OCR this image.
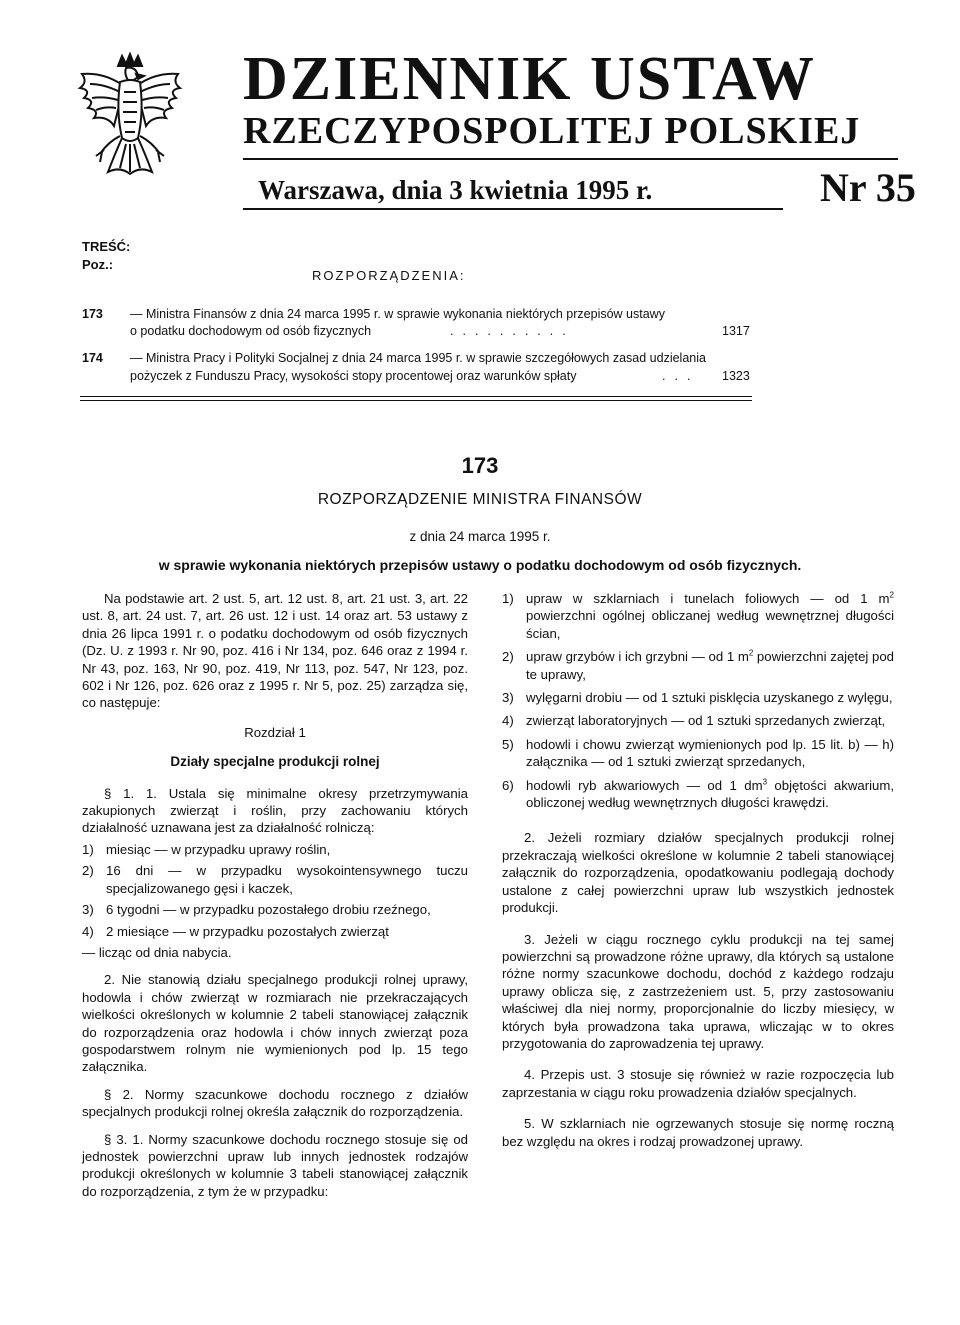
DZIENNIK USTAW
RZECZYPOSPOLITEJ POLSKIEJ
Warszawa, dnia 3 kwietnia 1995 r.	Nr 35
TREŚĆ:
Poz.:
ROZPORZĄDZENIA:
173 — Ministra Finansów z dnia 24 marca 1995 r. w sprawie wykonania niektórych przepisów ustawy
o podatku dochodowym od osób fizycznych	..........	1317
174 — Ministra Pracy i Polityki Socjalnej z dnia 24 marca 1995 r. w sprawie szczegółowych zasad udzielania
pożyczek z Funduszu Pracy, wysokości stopy procentowej oraz warunków spłaty	... 1323
173
ROZPORZĄDZENIE MINISTRA FINANSÓW
z dnia 24 marca 1995 r.
w sprawie wykonania niektórych przepisów ustawy o podatku dochodowym od osób fizycznych.

Na podstawie art. 2 ust. 5, art. 12 ust. 8, art. 21 ust. 3, art. 22 ust. 8, art. 24 ust. 7, art. 26 ust. 12 i ust. 14 oraz art. 53 ustawy z dnia 26 lipca 1991 r. o podatku dochodowym od osób fizycznych (Dz. U. z 1993 r. Nr 90, poz. 416 i Nr 134, poz. 646 oraz z 1994 r. Nr 43, poz. 163, Nr 90, poz. 419, Nr 113, poz. 547, Nr 123, poz. 602 i Nr 126, poz. 626 oraz z 1995 r. Nr 5, poz. 25) zarządza się, co następuje:

Rozdział 1

Działy specjalne produkcji rolnej

§ 1. 1. Ustala się minimalne okresy przetrzymywania zakupionych zwierząt i roślin, przy zachowaniu których działalność uznawana jest za działalność rolniczą:

1) miesiąc — w przypadku uprawy roślin,
2) 16 dni — w przypadku wysokointensywnego tuczu specjalizowanego gęsi i kaczek,
3) 6 tygodni — w przypadku pozostałego drobiu rzeźnego,
4) 2 miesiące — w przypadku pozostałych zwierząt

— licząc od dnia nabycia.

2. Nie stanowią działu specjalnego produkcji rolnej uprawy, hodowla i chów zwierząt w rozmiarach nie przekraczających wielkości określonych w kolumnie 2 tabeli stanowiącej załącznik do rozporządzenia oraz hodowla i chów innych zwierząt poza gospodarstwem rolnym nie wymienionych pod lp. 15 tego załącznika.

§ 2. Normy szacunkowe dochodu rocznego z działów specjalnych produkcji rolnej określa załącznik do rozporządzenia.

§ 3. 1. Normy szacunkowe dochodu rocznego stosuje się od jednostek powierzchni upraw lub innych jednostek rodzajów produkcji określonych w kolumnie 3 tabeli stanowiącej załącznik do rozporządzenia, z tym że w przypadku:

1) upraw w szklarniach i tunelach foliowych — od 1 $m^2$ powierzchni ogólnej obliczanej według wewnętrznej długości ścian,
2) upraw grzybów i ich grzybni — od 1 $m^2$ powierzchni zajętej pod te uprawy,
3) wylęgarni drobiu — od 1 sztuki pisklęcia uzyskanego z wylęgu,
4) zwierząt laboratoryjnych — od 1 sztuki sprzedanych zwierząt,
5) hodowli i chowu zwierząt wymienionych pod lp. 15 lit. b) — h) załącznika — od 1 sztuki zwierząt sprzedanych,
6) hodowli ryb akwariowych — od 1 $dm^3$ objętości akwarium, obliczonej według wewnętrznych długości krawędzi.

2. Jeżeli rozmiary działów specjalnych produkcji rolnej przekraczają wielkości określone w kolumnie 2 tabeli stanowiącej załącznik do rozporządzenia, opodatkowaniu podlegają dochody ustalone z całej powierzchni upraw lub wszystkich jednostek produkcji.

3. Jeżeli w ciągu rocznego cyklu produkcji na tej samej powierzchni są prowadzone różne uprawy, dla których są ustalone różne normy szacunkowe dochodu, dochód z każdego rodzaju uprawy oblicza się, z zastrzeżeniem ust. 5, przy zastosowaniu właściwej dla niej normy, proporcjonalnie do liczby miesięcy, w których była prowadzona taka uprawa, wliczając w to okres przygotowania do zaprowadzenia tej uprawy.

4. Przepis ust. 3 stosuje się również w razie rozpoczęcia lub zaprzestania w ciągu roku prowadzenia działów specjalnych.

5. W szklarniach nie ogrzewanych stosuje się normę roczną bez względu na okres i rodzaj prowadzonej uprawy.
